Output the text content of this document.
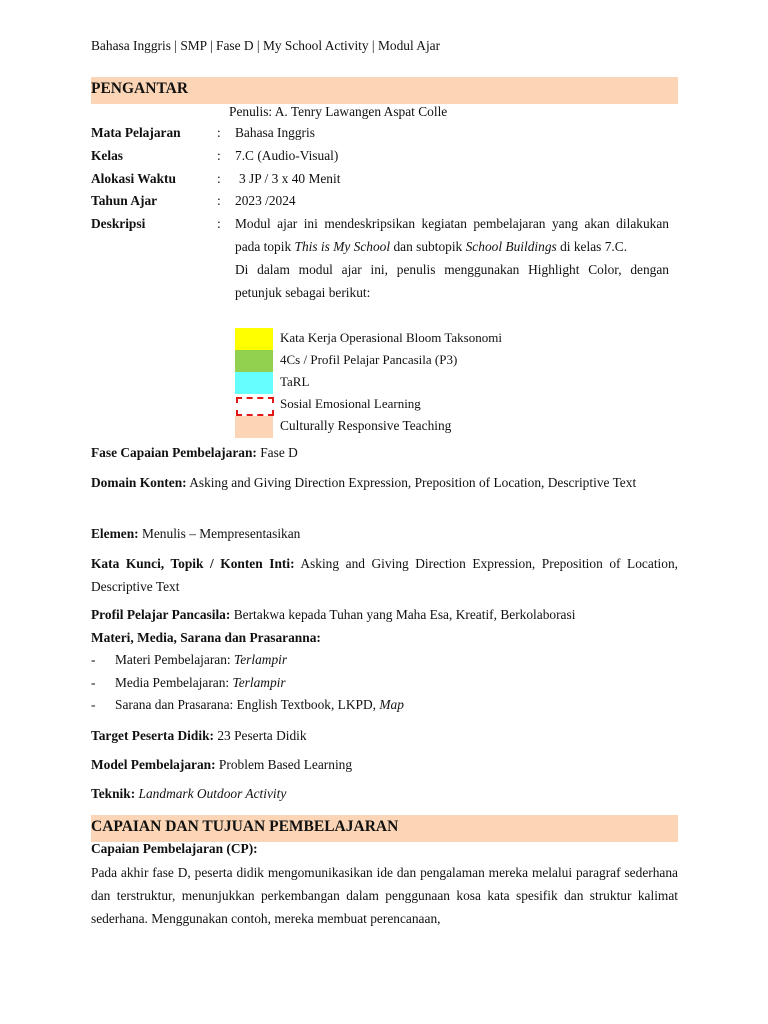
Bahasa Inggris | SMP | Fase D | My School Activity | Modul Ajar
PENGANTAR
Penulis: A. Tenry Lawangen Aspat Colle
Mata Pelajaran	: Bahasa Inggris
Kelas	: 7.C (Audio-Visual)
Alokasi Waktu	: 3 JP / 3 x 40 Menit
Tahun Ajar	: 2023 /2024
Deskripsi	: Modul ajar ini mendeskripsikan kegiatan pembelajaran yang akan dilakukan pada topik This is My School dan subtopik School Buildings di kelas 7.C.

Di dalam modul ajar ini, penulis menggunakan Highlight Color, dengan petunjuk sebagai berikut:

Kata Kerja Operasional Bloom Taksonomi
4Cs / Profil Pelajar Pancasila (P3)
TaRL
Sosial Emosional Learning
Culturally Responsive Teaching
Fase Capaian Pembelajaran: Fase D

Domain Konten: Asking and Giving Direction Expression, Preposition of Location, Descriptive Text

Elemen: Menulis – Mempresentasikan

Kata Kunci, Topik / Konten Inti: Asking and Giving Direction Expression, Preposition of Location, Descriptive Text

Profil Pelajar Pancasila: Bertakwa kepada Tuhan yang Maha Esa, Kreatif, Berkolaborasi
Materi, Media, Sarana dan Prasaranna:
- Materi Pembelajaran: Terlampir
- Media Pembelajaran: Terlampir
- Sarana dan Prasarana: English Textbook, LKPD, Map
Target Peserta Didik: 23 Peserta Didik
Model Pembelajaran: Problem Based Learning
Teknik: Landmark Outdoor Activity
CAPAIAN DAN TUJUAN PEMBELAJARAN
Capaian Pembelajaran (CP):

Pada akhir fase D, peserta didik mengomunikasikan ide dan pengalaman mereka melalui paragraf sederhana dan terstruktur, menunjukkan perkembangan dalam penggunaan kosa kata spesifik dan struktur kalimat sederhana. Menggunakan contoh, mereka membuat perencanaan,
